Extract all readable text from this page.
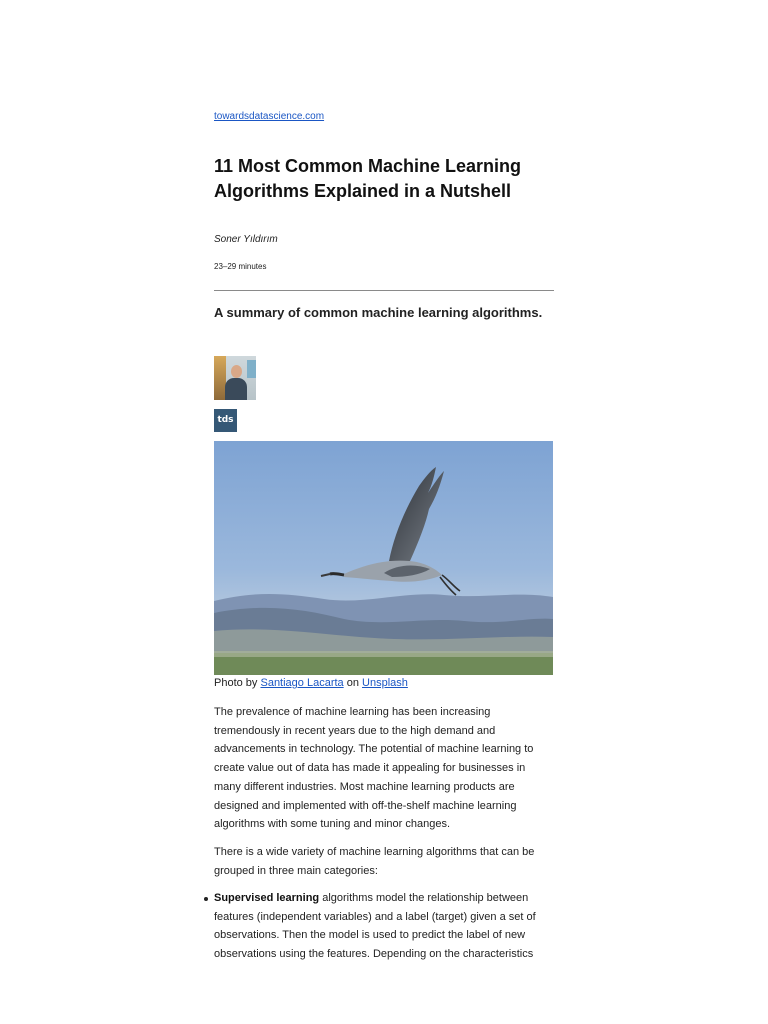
towardsdatascience.com
11 Most Common Machine Learning Algorithms Explained in a Nutshell
Soner Yıldırım
23–29 minutes
A summary of common machine learning algorithms.
tds
Photo by Santiago Lacarta on Unsplash

The prevalence of machine learning has been increasing tremendously in recent years due to the high demand and advancements in technology. The potential of machine learning to create value out of data has made it appealing for businesses in many different industries. Most machine learning products are designed and implemented with off-the-shelf machine learning algorithms with some tuning and minor changes.

There is a wide variety of machine learning algorithms that can be grouped in three main categories:

Supervised learning algorithms model the relationship between features (independent variables) and a label (target) given a set of observations. Then the model is used to predict the label of new observations using the features. Depending on the characteristics
